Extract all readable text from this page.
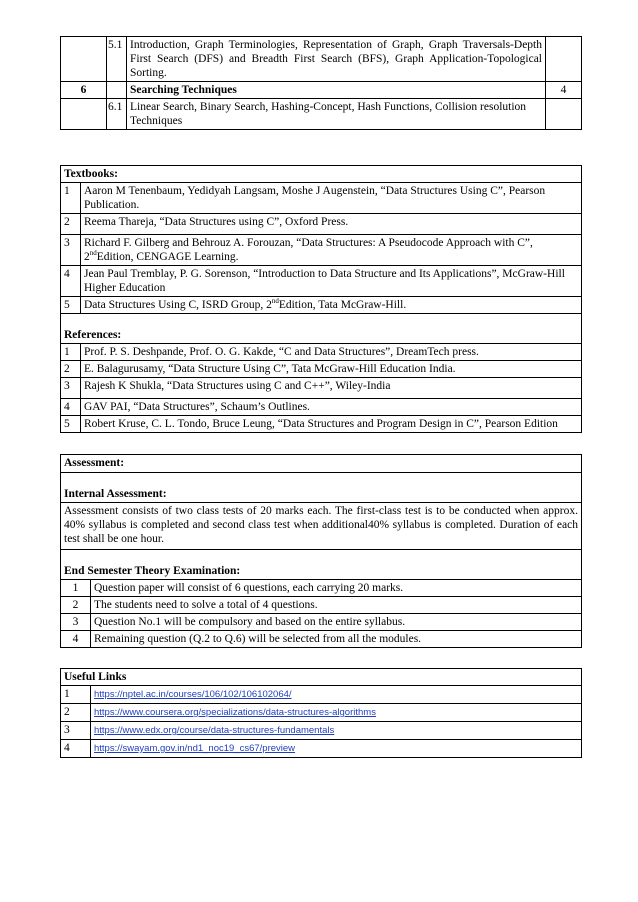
	5.1	Introduction, Graph Terminologies, Representation of Graph, Graph Traversals-Depth First Search (DFS) and Breadth First Search (BFS), Graph Application-Topological Sorting.	
6		Searching Techniques	4
	6.1	Linear Search, Binary Search, Hashing-Concept, Hash Functions, Collision resolution Techniques	
Textbooks:	
1	Aaron M Tenenbaum, Yedidyah Langsam, Moshe J Augenstein, “Data Structures Using C”, Pearson Publication.
2	Reema Thareja, “Data Structures using C”, Oxford Press.
3	Richard F. Gilberg and Behrouz A. Forouzan, “Data Structures: A Pseudocode Approach with C”, 2ndEdition, CENGAGE Learning.
4	Jean Paul Tremblay, P. G. Sorenson, “Introduction to Data Structure and Its Applications”, McGraw-Hill Higher Education
5	Data Structures Using C, ISRD Group, 2ndEdition, Tata McGraw-Hill.
References:	
1	Prof. P. S. Deshpande, Prof. O. G. Kakde, “C and Data Structures”, DreamTech press.
2	E. Balagurusamy, “Data Structure Using C”, Tata McGraw-Hill Education India.
3	Rajesh K Shukla, “Data Structures using C and C++”, Wiley-India
4	GAV PAI, “Data Structures”, Schaum’s Outlines.
5	Robert Kruse, C. L. Tondo, Bruce Leung, “Data Structures and Program Design in C”, Pearson Edition
Assessment:	

Internal Assessment:	

Assessment consists of two class tests of 20 marks each. The first-class test is to be conducted when approx. 40% syllabus is completed and second class test when additional40% syllabus is completed. Duration of each test shall be one hour.	
End Semester Theory Examination:	
1	Question paper will consist of 6 questions, each carrying 20 marks.
2	The students need to solve a total of 4 questions.
3	Question No.1 will be compulsory and based on the entire syllabus.
4	Remaining question (Q.2 to Q.6) will be selected from all the modules.
Useful Links	
1	https://nptel.ac.in/courses/106/102/106102064/
2	https://www.coursera.org/specializations/data-structures-algorithms
3	https://www.edx.org/course/data-structures-fundamentals
4	https://swayam.gov.in/nd1_noc19_cs67/preview
